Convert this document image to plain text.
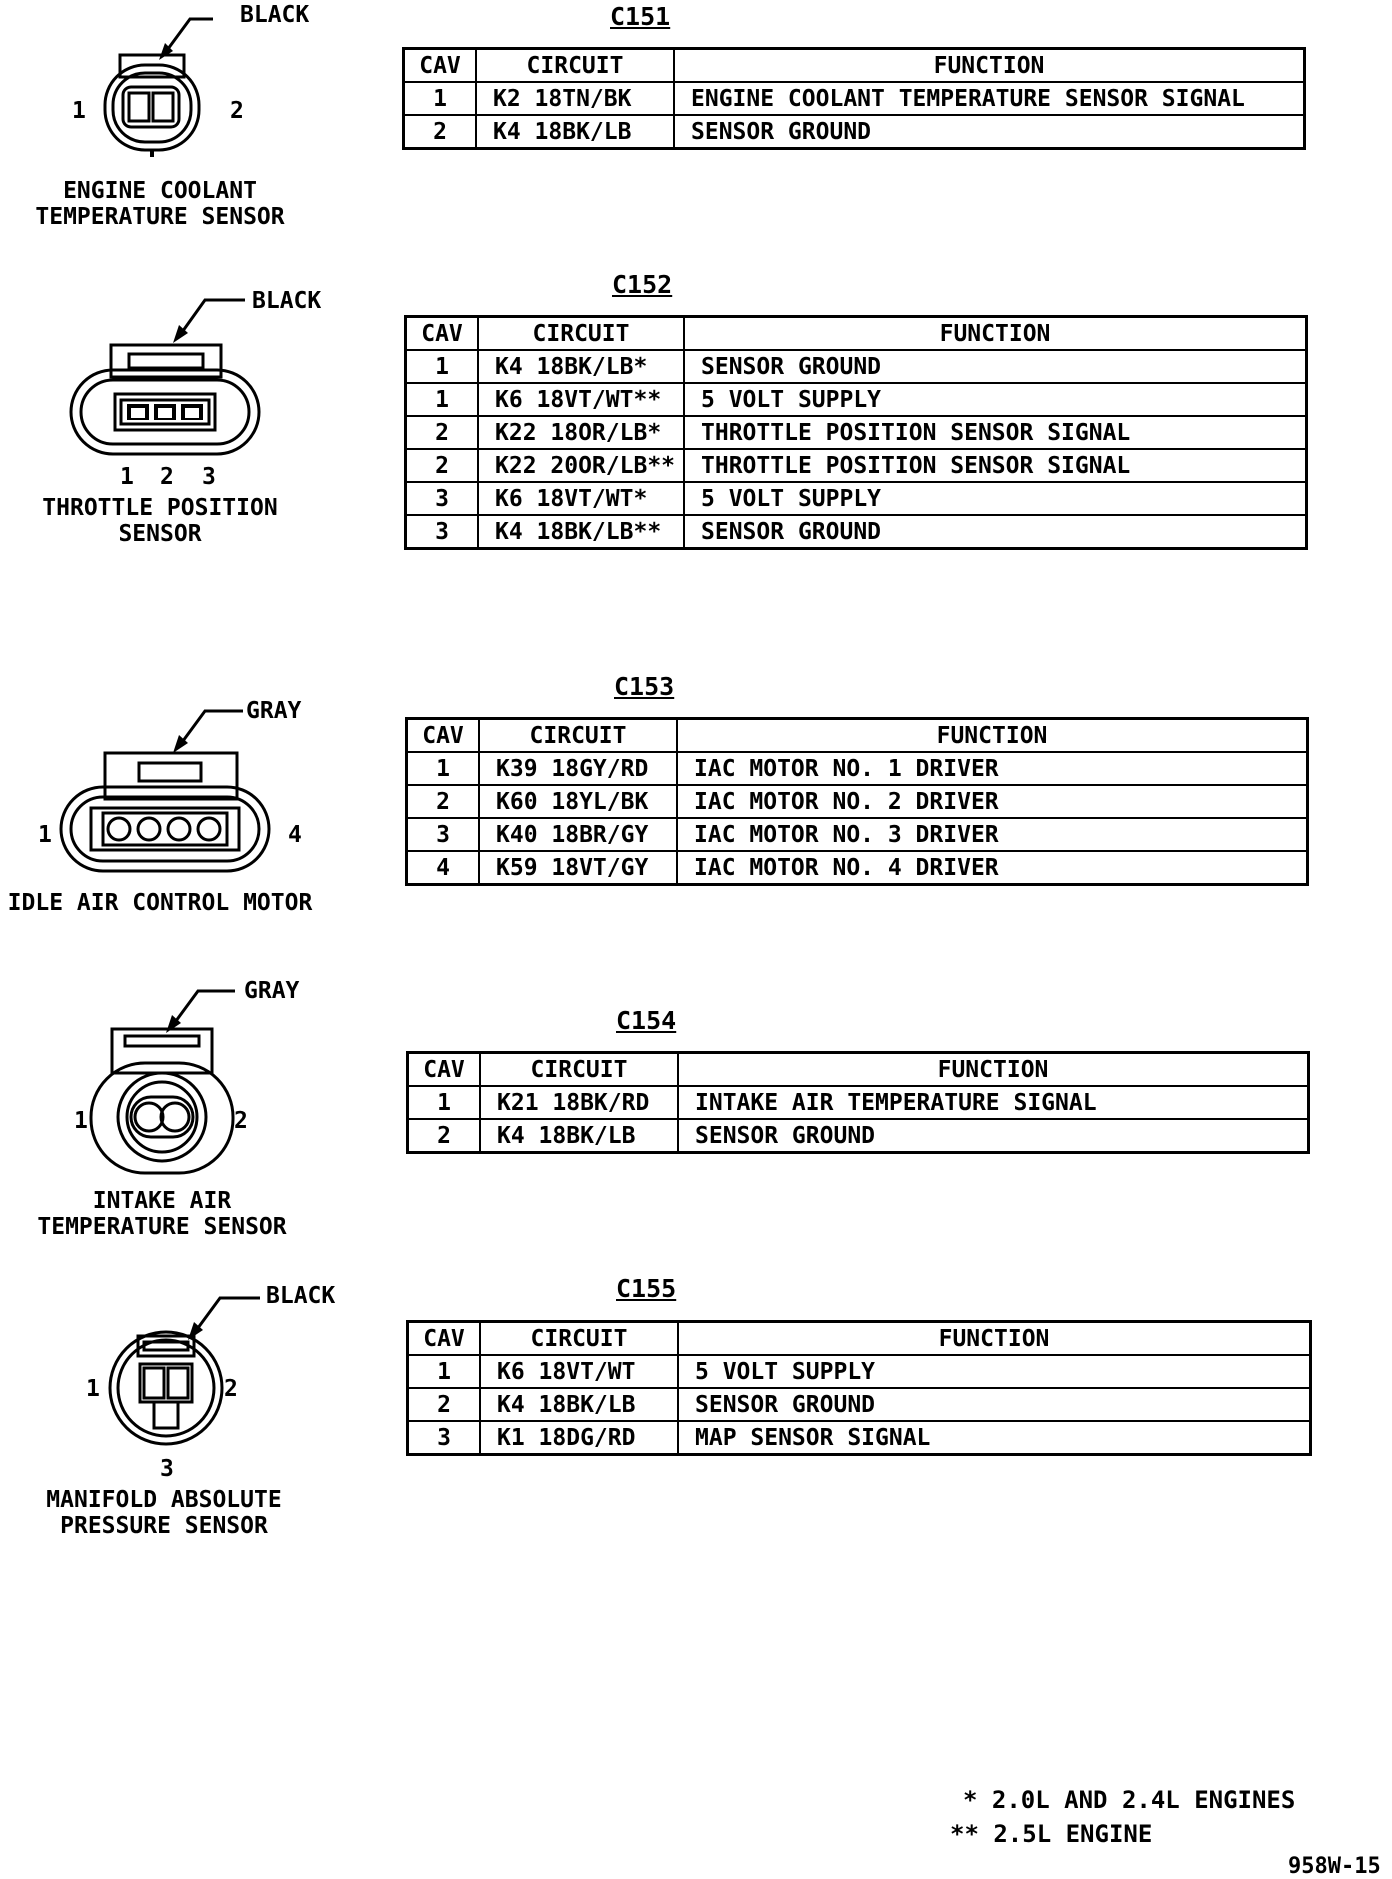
BLACK
1	2
ENGINE COOLANT
TEMPERATURE SENSOR
C151
CAV	CIRCUIT	FUNCTION
1	K2 18TN/BK	ENGINE COOLANT TEMPERATURE SENSOR SIGNAL
2	K4 18BK/LB	SENSOR GROUND
BLACK
1 2 3
THROTTLE POSITION
SENSOR
C152
CAV	CIRCUIT	FUNCTION
1	K4 18BK/LB*	SENSOR GROUND
1	K6 18VT/WT**	5 VOLT SUPPLY
2	K22 18OR/LB*	THROTTLE POSITION SENSOR SIGNAL
2	K22 20OR/LB**	THROTTLE POSITION SENSOR SIGNAL
3	K6 18VT/WT*	5 VOLT SUPPLY
3	K4 18BK/LB**	SENSOR GROUND
GRAY
1	4
IDLE AIR CONTROL MOTOR
C153
CAV	CIRCUIT	FUNCTION
1	K39 18GY/RD	IAC MOTOR NO. 1 DRIVER
2	K60 18YL/BK	IAC MOTOR NO. 2 DRIVER
3	K40 18BR/GY	IAC MOTOR NO. 3 DRIVER
4	K59 18VT/GY	IAC MOTOR NO. 4 DRIVER
GRAY
1	2
INTAKE AIR
TEMPERATURE SENSOR
C154
CAV	CIRCUIT	FUNCTION
1	K21 18BK/RD	INTAKE AIR TEMPERATURE SIGNAL
2	K4 18BK/LB	SENSOR GROUND
BLACK
1	2
3
MANIFOLD ABSOLUTE
PRESSURE SENSOR
C155
CAV	CIRCUIT	FUNCTION
1	K6 18VT/WT	5 VOLT SUPPLY
2	K4 18BK/LB	SENSOR GROUND
3	K1 18DG/RD	MAP SENSOR SIGNAL
* 2.0L AND 2.4L ENGINES
** 2.5L ENGINE
958W-15
